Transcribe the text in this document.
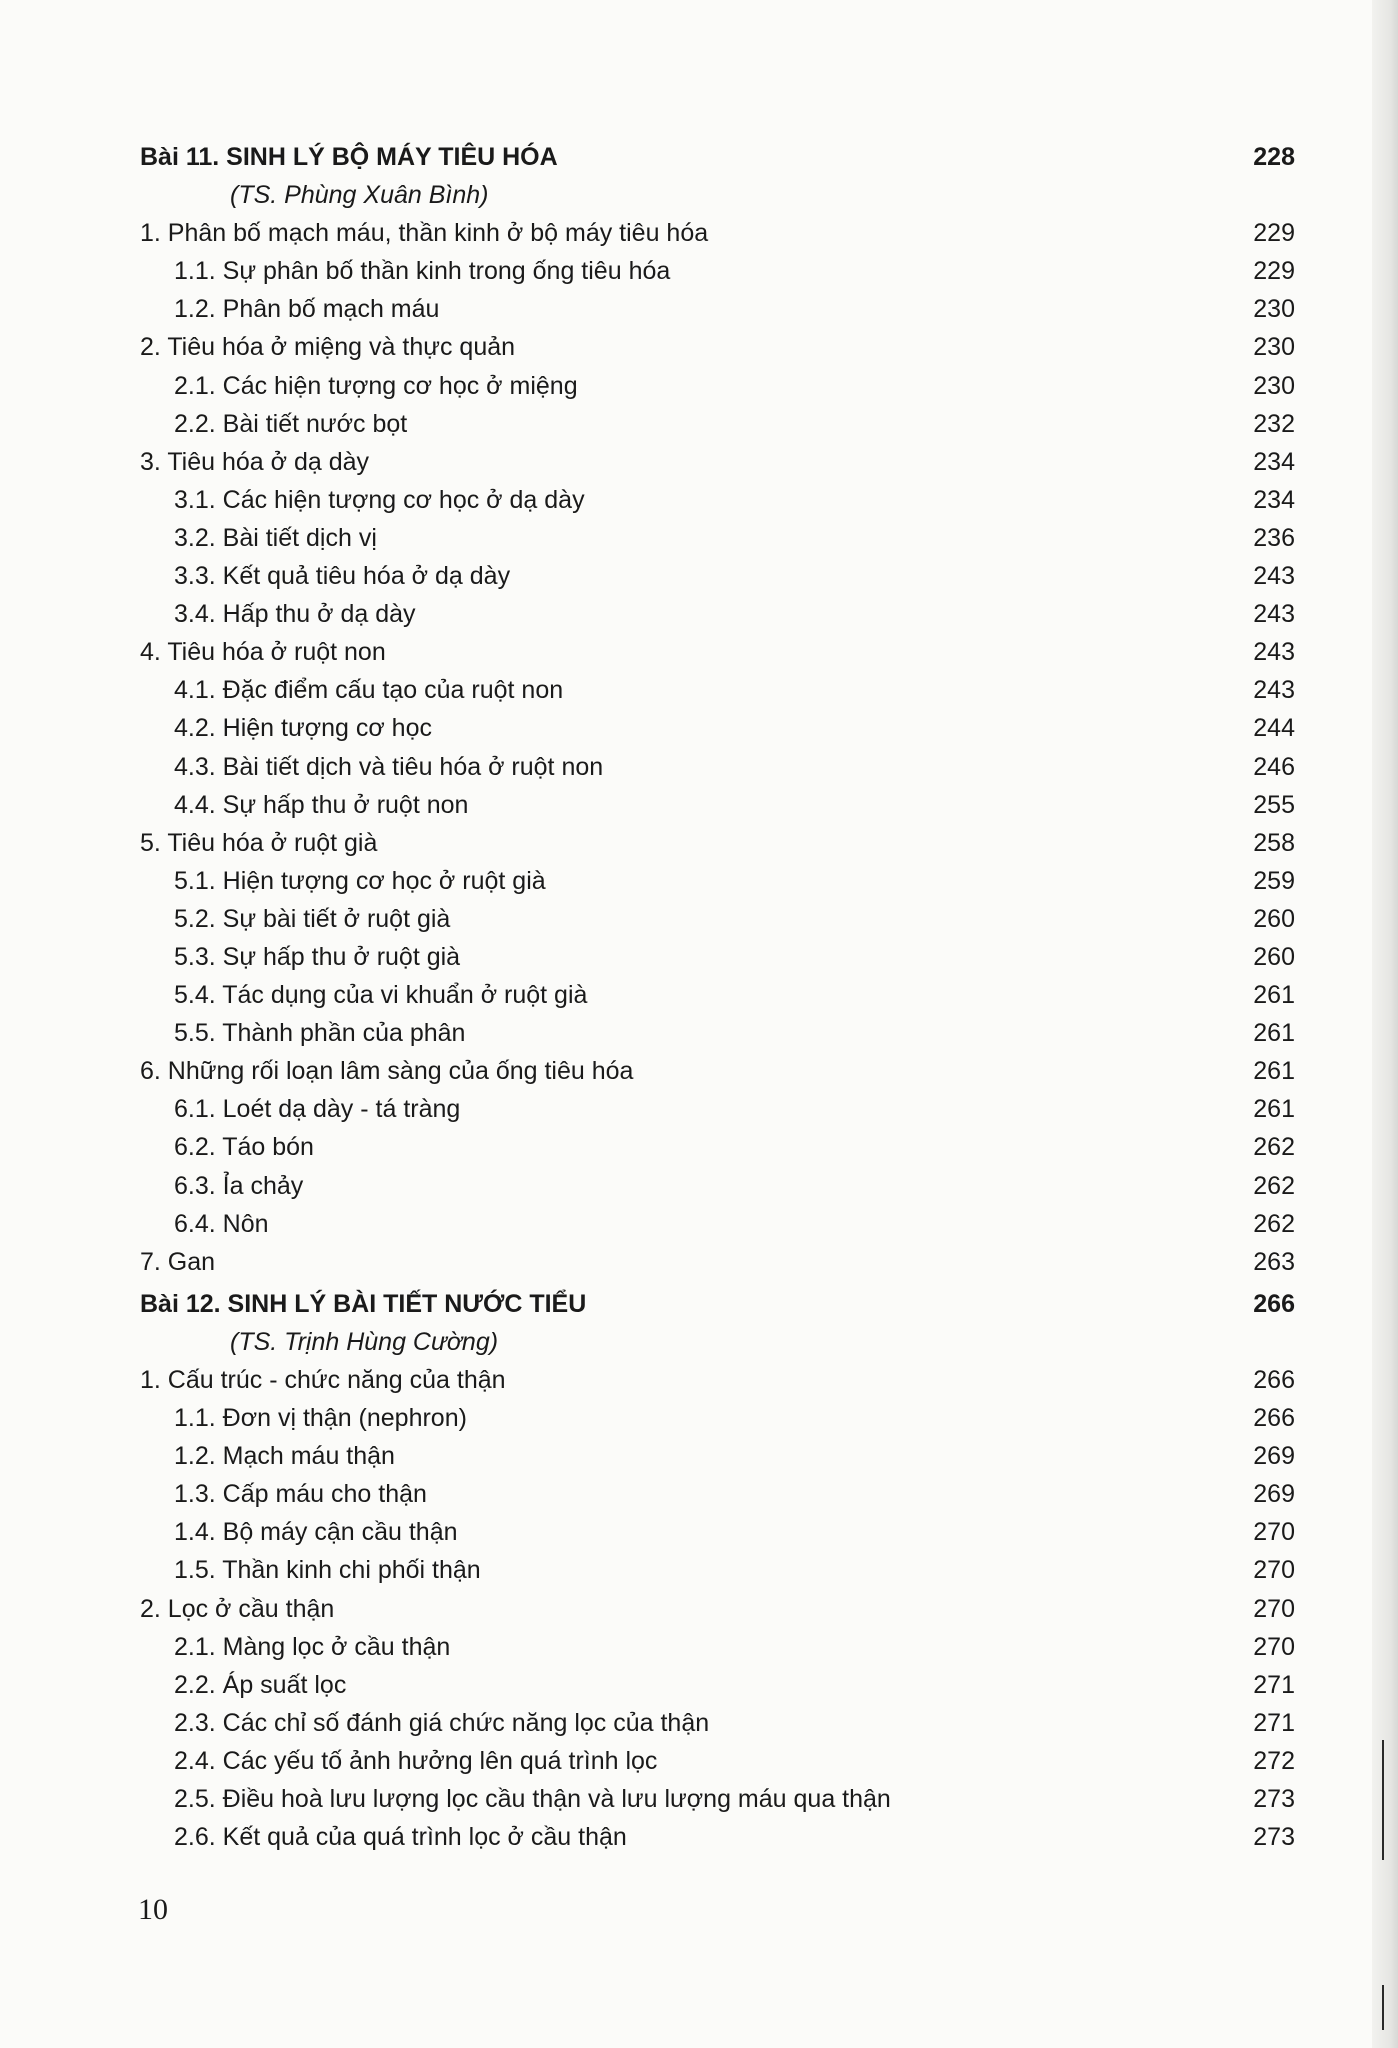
Bài 11. SINH LÝ BỘ MÁY TIÊU HÓA	228
(TS. Phùng Xuân Bình)
1. Phân bố mạch máu, thần kinh ở bộ máy tiêu hóa	229
1.1. Sự phân bố thần kinh trong ống tiêu hóa	229
1.2. Phân bố mạch máu	230
2. Tiêu hóa ở miệng và thực quản	230
2.1. Các hiện tượng cơ học ở miệng	230
2.2. Bài tiết nước bọt	232
3. Tiêu hóa ở dạ dày	234
3.1. Các hiện tượng cơ học ở dạ dày	234
3.2. Bài tiết dịch vị	236
3.3. Kết quả tiêu hóa ở dạ dày	243
3.4. Hấp thu ở dạ dày	243
4. Tiêu hóa ở ruột non	243
4.1. Đặc điểm cấu tạo của ruột non	243
4.2. Hiện tượng cơ học	244
4.3. Bài tiết dịch và tiêu hóa ở ruột non	246
4.4. Sự hấp thu ở ruột non	255
5. Tiêu hóa ở ruột già	258
5.1. Hiện tượng cơ học ở ruột già	259
5.2. Sự bài tiết ở ruột già	260
5.3. Sự hấp thu ở ruột già	260
5.4. Tác dụng của vi khuẩn ở ruột già	261
5.5. Thành phần của phân	261
6. Những rối loạn lâm sàng của ống tiêu hóa	261
6.1. Loét dạ dày - tá tràng	261
6.2. Táo bón	262
6.3. Ỉa chảy	262
6.4. Nôn	262
7. Gan	263
Bài 12. SINH LÝ BÀI TIẾT NƯỚC TIỂU	266
(TS. Trịnh Hùng Cường)
1. Cấu trúc - chức năng của thận	266
1.1. Đơn vị thận (nephron)	266
1.2. Mạch máu thận	269
1.3. Cấp máu cho thận	269
1.4. Bộ máy cận cầu thận	270
1.5. Thần kinh chi phối thận	270
2. Lọc ở cầu thận	270
2.1. Màng lọc ở cầu thận	270
2.2. Áp suất lọc	271
2.3. Các chỉ số đánh giá chức năng lọc của thận	271
2.4. Các yếu tố ảnh hưởng lên quá trình lọc	272
2.5. Điều hoà lưu lượng lọc cầu thận và lưu lượng máu qua thận	273
2.6. Kết quả của quá trình lọc ở cầu thận	273
10
